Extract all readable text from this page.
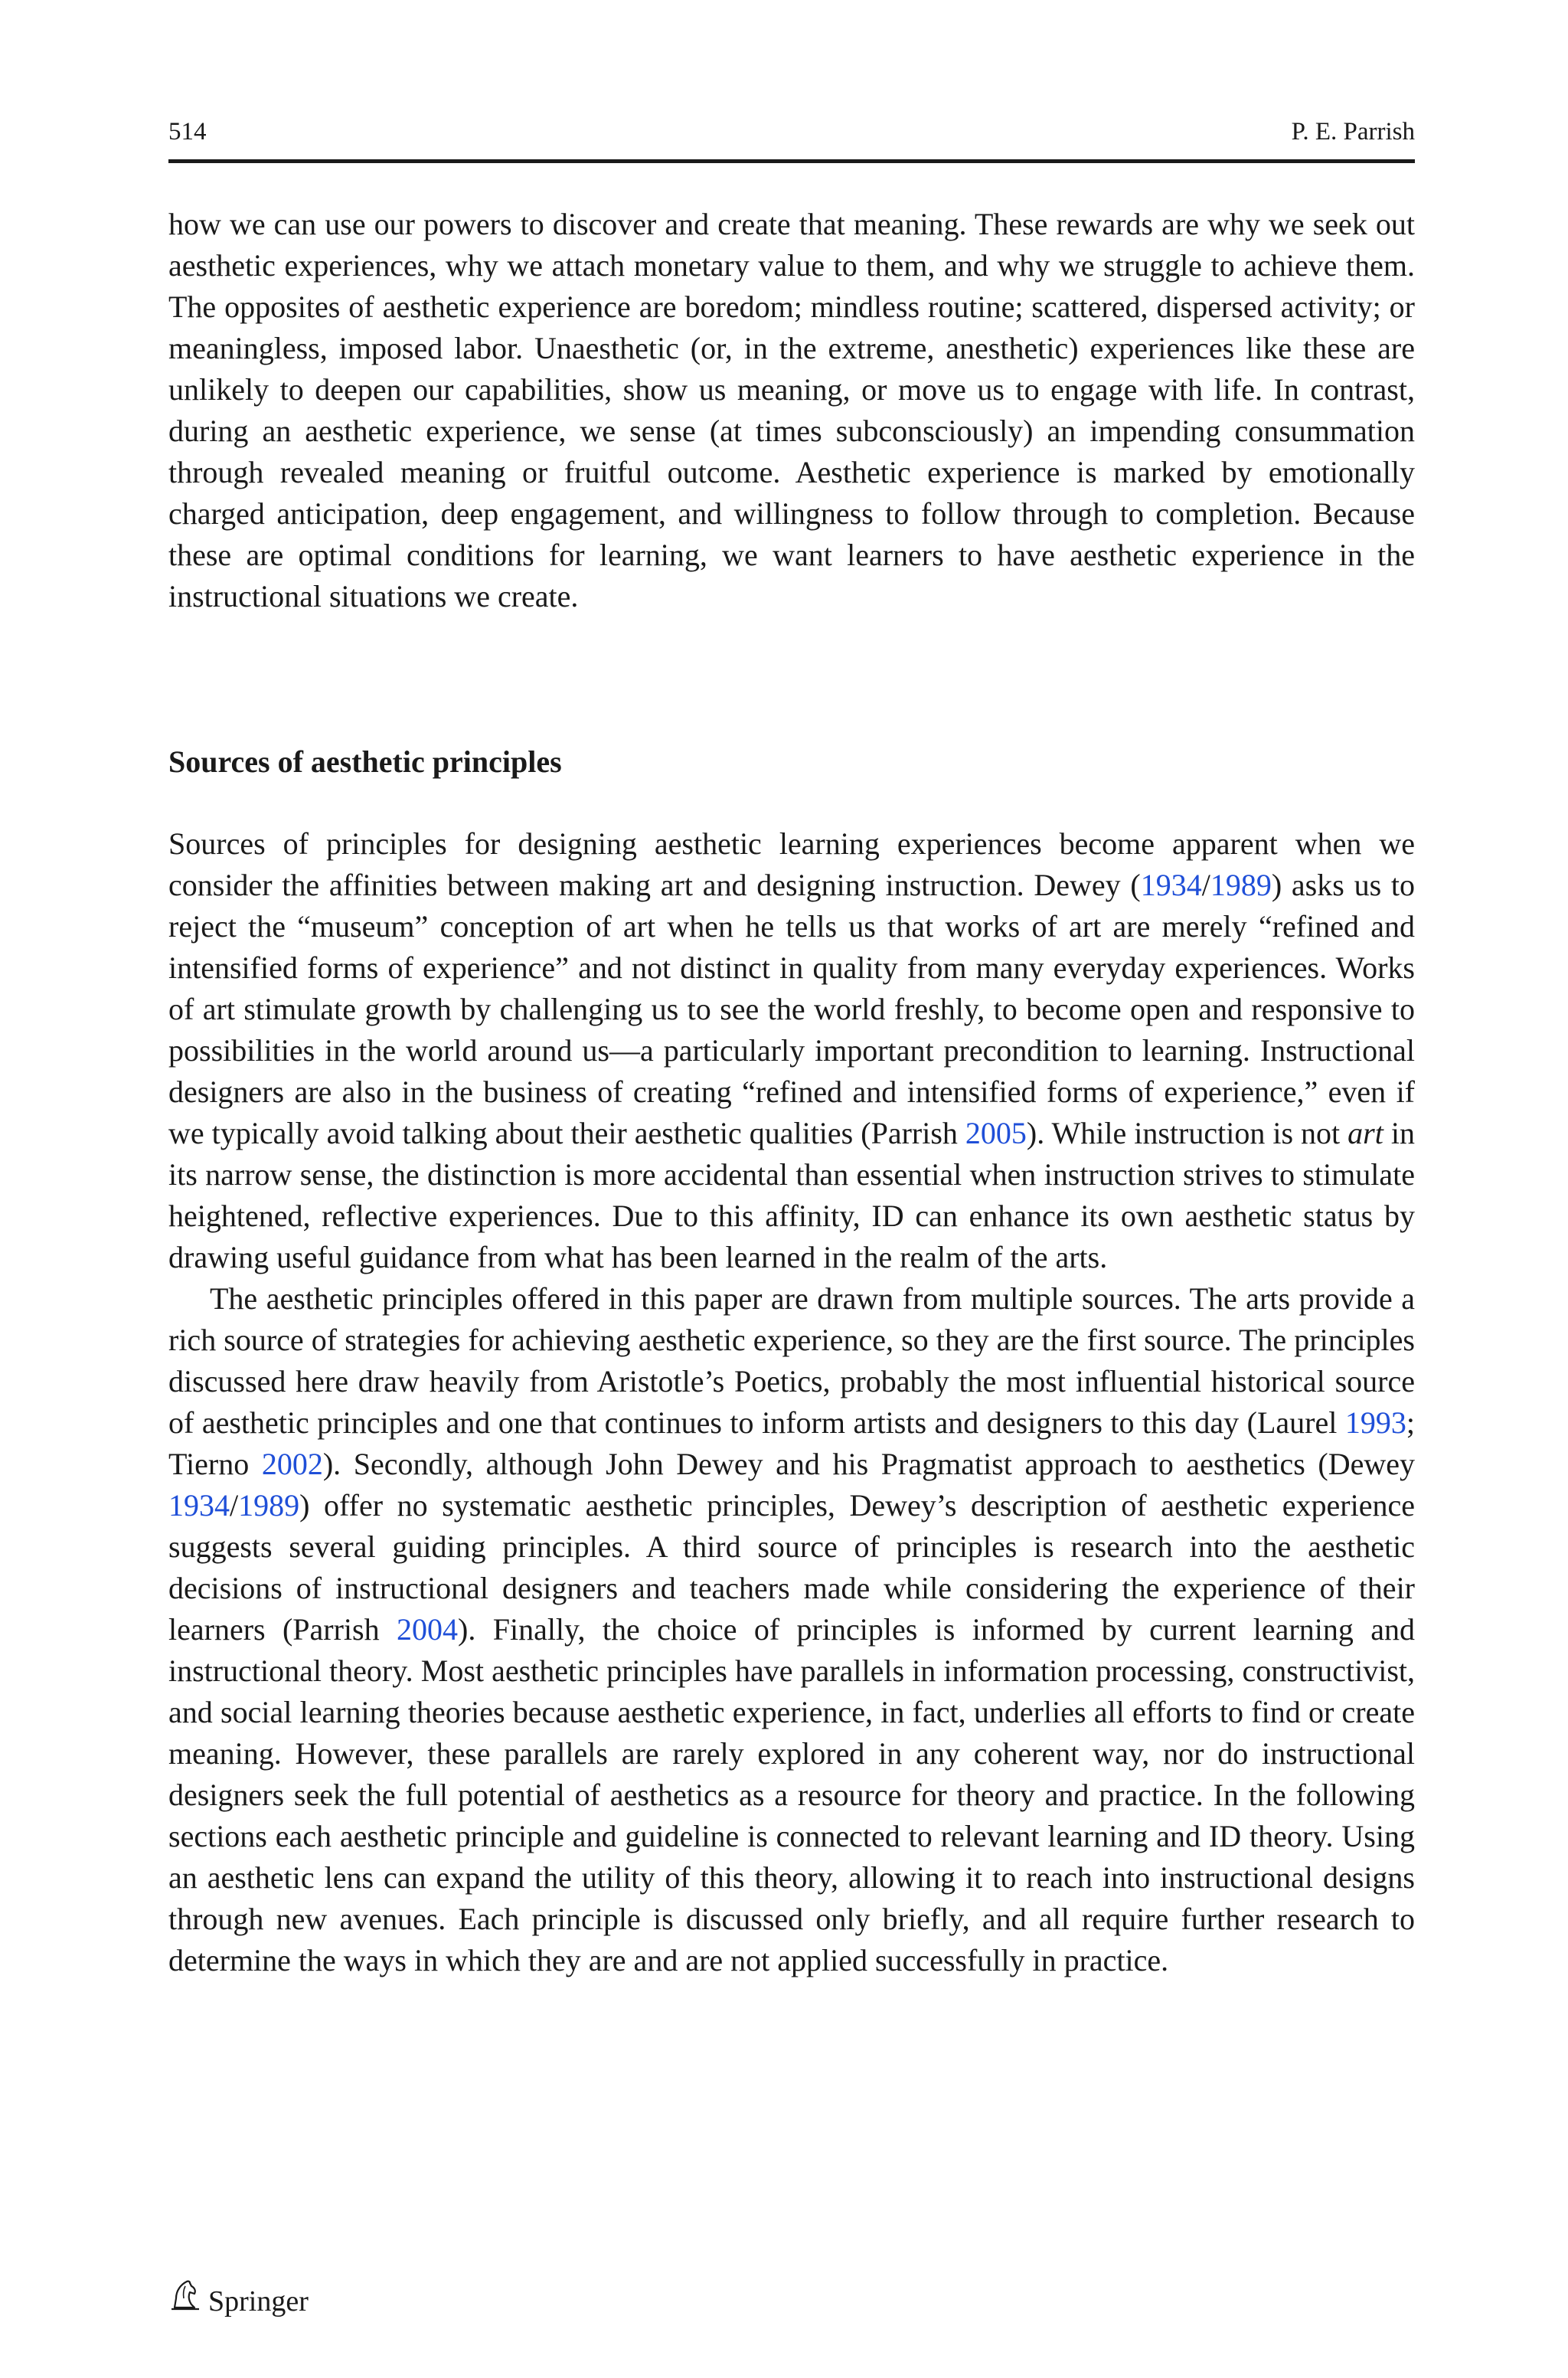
514	P. E. Parrish

how we can use our powers to discover and create that meaning. These rewards are why we seek out aesthetic experiences, why we attach monetary value to them, and why we struggle to achieve them. The opposites of aesthetic experience are boredom; mindless routine; scattered, dispersed activity; or meaningless, imposed labor. Unaesthetic (or, in the extreme, anesthetic) experiences like these are unlikely to deepen our capabilities, show us meaning, or move us to engage with life. In contrast, during an aesthetic experience, we sense (at times subconsciously) an impending consummation through revealed meaning or fruitful outcome. Aesthetic experience is marked by emotionally charged anticipation, deep engagement, and willingness to follow through to completion. Because these are optimal conditions for learning, we want learners to have aesthetic experience in the instructional situations we create.

Sources of aesthetic principles

Sources of principles for designing aesthetic learning experiences become apparent when we consider the affinities between making art and designing instruction. Dewey (1934/1989) asks us to reject the “museum” conception of art when he tells us that works of art are merely “refined and intensified forms of experience” and not distinct in quality from many everyday experiences. Works of art stimulate growth by challenging us to see the world freshly, to become open and responsive to possibilities in the world around us—a particularly important precondition to learning. Instructional designers are also in the business of creating “refined and intensified forms of experience,” even if we typically avoid talking about their aesthetic qualities (Parrish 2005). While instruction is not art in its narrow sense, the distinction is more accidental than essential when instruction strives to stimulate heightened, reflective experiences. Due to this affinity, ID can enhance its own aesthetic status by drawing useful guidance from what has been learned in the realm of the arts.

The aesthetic principles offered in this paper are drawn from multiple sources. The arts provide a rich source of strategies for achieving aesthetic experience, so they are the first source. The principles discussed here draw heavily from Aristotle’s Poetics, probably the most influential historical source of aesthetic principles and one that continues to inform artists and designers to this day (Laurel 1993; Tierno 2002). Secondly, although John Dewey and his Pragmatist approach to aesthetics (Dewey 1934/1989) offer no systematic aesthetic principles, Dewey’s description of aesthetic experience suggests several guiding principles. A third source of principles is research into the aesthetic decisions of instructional designers and teachers made while considering the experience of their learners (Parrish 2004). Finally, the choice of principles is informed by current learning and instructional theory. Most aesthetic principles have parallels in information processing, constructivist, and social learning theories because aesthetic experience, in fact, underlies all efforts to find or create meaning. However, these parallels are rarely explored in any coherent way, nor do instructional designers seek the full potential of aesthetics as a resource for theory and practice. In the following sections each aesthetic principle and guideline is connected to relevant learning and ID theory. Using an aesthetic lens can expand the utility of this theory, allowing it to reach into instructional designs through new avenues. Each principle is discussed only briefly, and all require further research to determine the ways in which they are and are not applied successfully in practice.

Springer
